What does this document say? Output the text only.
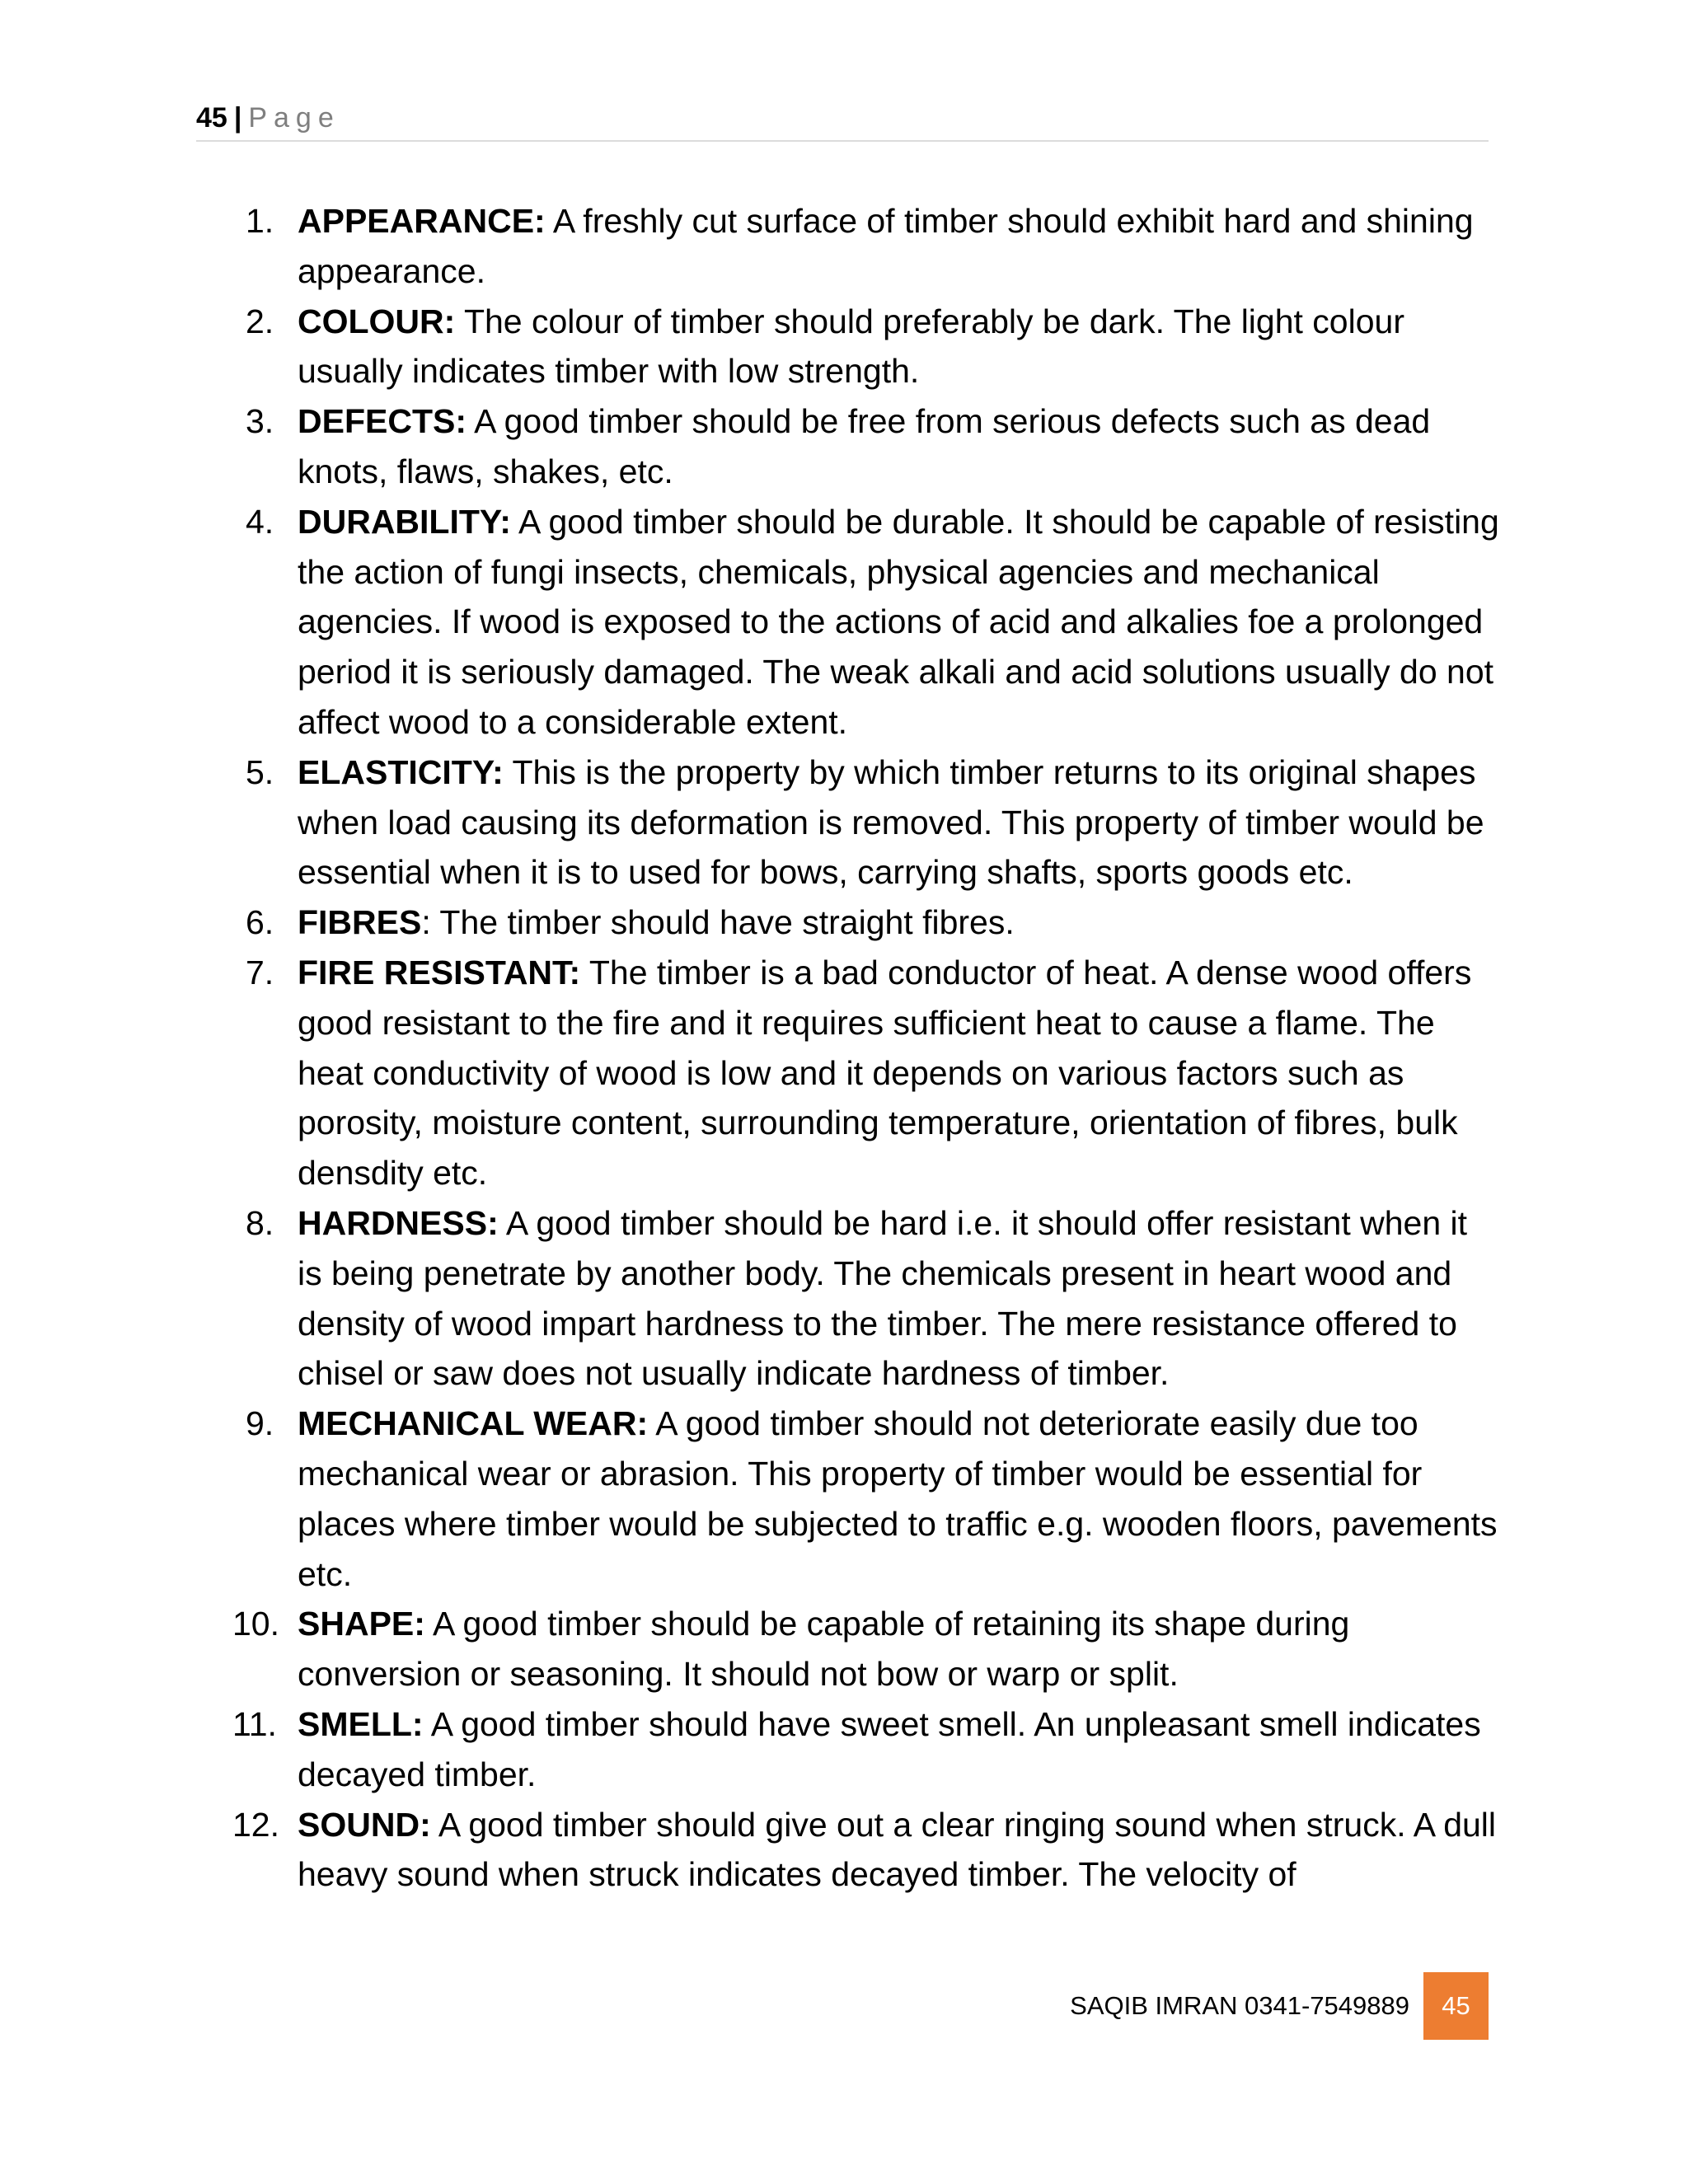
45 | Page
1. APPEARANCE: A freshly cut surface of timber should exhibit hard and shining appearance.
2. COLOUR: The colour of timber should preferably be dark. The light colour usually indicates timber with low strength.
3. DEFECTS: A good timber should be free from serious defects such as dead knots, flaws, shakes, etc.
4. DURABILITY: A good timber should be durable. It should be capable of resisting the action of fungi insects, chemicals, physical agencies and mechanical agencies. If wood is exposed to the actions of acid and alkalies foe a prolonged period it is seriously damaged. The weak alkali and acid solutions usually do not affect wood to a considerable extent.
5. ELASTICITY: This is the property by which timber returns to its original shapes when load causing its deformation is removed. This property of timber would be essential when it is to used for bows, carrying shafts, sports goods etc.
6. FIBRES: The timber should have straight fibres.
7. FIRE RESISTANT: The timber is a bad conductor of heat. A dense wood offers good resistant to the fire and it requires sufficient heat to cause a flame. The heat conductivity of wood is low and it depends on various factors such as porosity, moisture content, surrounding temperature, orientation of fibres, bulk densdity etc.
8. HARDNESS: A good timber should be hard i.e. it should offer resistant when it is being penetrate by another body. The chemicals present in heart wood and density of wood impart hardness to the timber. The mere resistance offered to chisel or saw does not usually indicate hardness of timber.
9. MECHANICAL WEAR: A good timber should not deteriorate easily due too mechanical wear or abrasion. This property of timber would be essential for places where timber would be subjected to traffic e.g. wooden floors, pavements etc.
10. SHAPE: A good timber should be capable of retaining its shape during conversion or seasoning. It should not bow or warp or split.
11. SMELL: A good timber should have sweet smell. An unpleasant smell indicates decayed timber.
12. SOUND: A good timber should give out a clear ringing sound when struck. A dull heavy sound when struck indicates decayed timber. The velocity of
SAQIB IMRAN 0341-7549889	45
